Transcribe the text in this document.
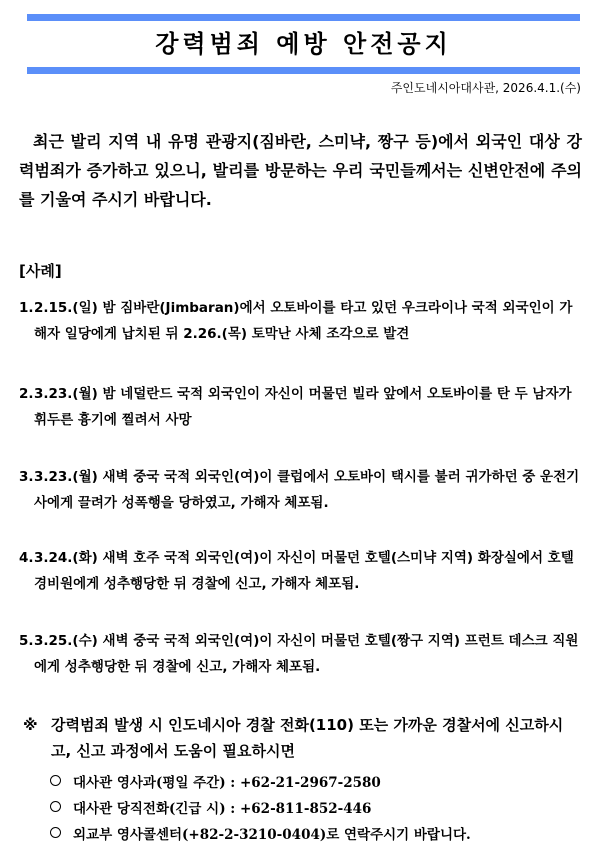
강력범죄 예방 안전공지
주인도네시아대사관, 2026.4.1.(수)
최근 발리 지역 내 유명 관광지(짐바란, 스미냑, 짱구 등)에서 외국인 대상 강력범죄가 증가하고 있으니, 발리를 방문하는 우리 국민들께서는 신변안전에 주의를 기울여 주시기 바랍니다.
[사례]
1. 2.15.(일) 밤 짐바란(Jimbaran)에서 오토바이를 타고 있던 우크라이나 국적 외국인이 가해자 일당에게 납치된 뒤 2.26.(목) 토막난 사체 조각으로 발견
2. 3.23.(월) 밤 네덜란드 국적 외국인이 자신이 머물던 빌라 앞에서 오토바이를 탄 두 남자가 휘두른 흉기에 찔려서 사망
3. 3.23.(월) 새벽 중국 국적 외국인(여)이 클럽에서 오토바이 택시를 불러 귀가하던 중 운전기사에게 끌려가 성폭행을 당하였고, 가해자 체포됨.
4. 3.24.(화) 새벽 호주 국적 외국인(여)이 자신이 머물던 호텔(스미냑 지역) 화장실에서 호텔 경비원에게 성추행당한 뒤 경찰에 신고, 가해자 체포됨.
5. 3.25.(수) 새벽 중국 국적 외국인(여)이 자신이 머물던 호텔(짱구 지역) 프런트 데스크 직원에게 성추행당한 뒤 경찰에 신고, 가해자 체포됨.
※ 강력범죄 발생 시 인도네시아 경찰 전화(110) 또는 가까운 경찰서에 신고하시고, 신고 과정에서 도움이 필요하시면
대사관 영사과(평일 주간) : +62-21-2967-2580
대사관 당직전화(긴급 시) : +62-811-852-446
외교부 영사콜센터(+82-2-3210-0404)로 연락주시기 바랍니다.
